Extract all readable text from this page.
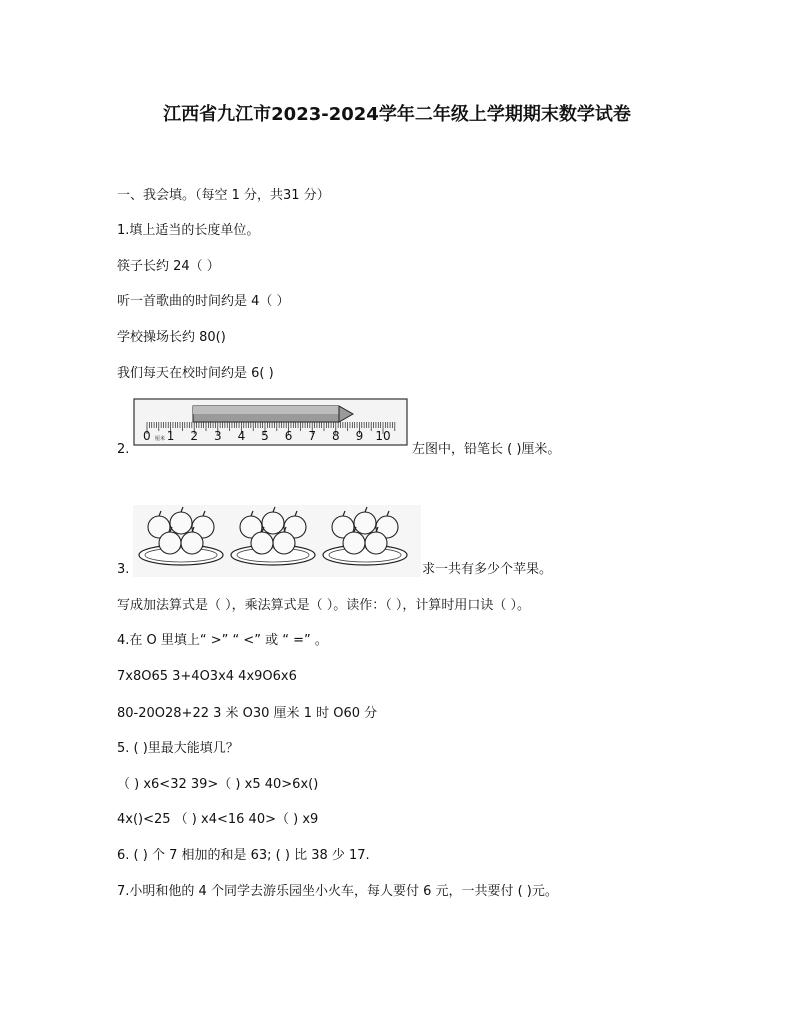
江西省九江市2023-2024学年二年级上学期期末数学试卷
一、我会填。（每空 1 分，共31 分）
1.填上适当的长度单位。
筷子长约 24（ ）
听一首歌曲的时间约是 4（ ）
学校操场长约 80()
我们每天在校时间约是 6( )
2.
0 1 2 3 4 5 6 7 8 9 10
厘米
左图中，铅笔长 ( )厘米。
3.	求一共有多少个苹果。
写成加法算式是（ ），乘法算式是（ ）。读作：（ ），计算时用口诀（ ）。
4.在 O 里填上“ >” “ <” 或 “ =” 。
7x8O65 3+4O3x4 4x9O6x6
80-20O28+22 3 米 O30 厘米 1 时 O60 分
5. ( )里最大能填几？
（ ) x6<32 39>（ ) x5 40>6x()
4x()<25 （ ) x4<16 40>（ ) x9
6. ( ) 个 7 相加的和是 63; ( ) 比 38 少 17.
7.小明和他的 4 个同学去游乐园坐小火车，每人要付 6 元，一共要付 ( )元。
